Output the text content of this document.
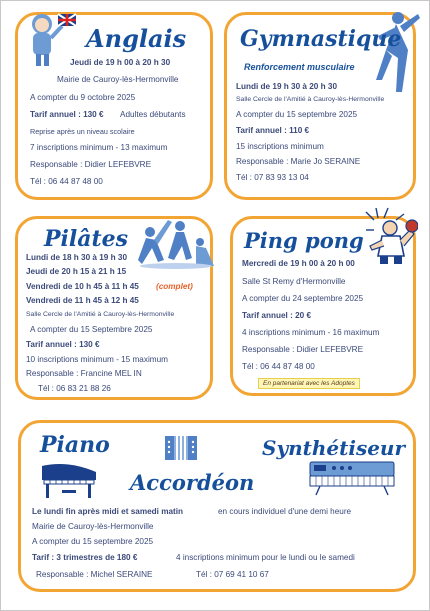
Anglais
Jeudi de 19 h 00 à 20 h 30
Mairie de Cauroy-lès-Hermonville
A compter du 9 octobre 2025
Tarif annuel : 130 € Adultes débutants
Reprise après un niveau scolaire
7 inscriptions minimum - 13 maximum
Responsable : Didier LEFEBVRE
Tél : 06 44 87 48 00
Gymnastique
Renforcement musculaire
Lundi de 19 h 30 à 20 h 30
Salle Cercle de l'Amitié à Cauroy-lès-Hermonville
A compter du 15 septembre 2025
Tarif annuel : 110 €
15 inscriptions minimum
Responsable : Marie Jo SERAINE
Tél : 07 83 93 13 04
Pilâtes
Lundi de 18 h 30 à 19 h 30
Jeudi de 20 h 15 à 21 h 15
Vendredi de 10 h 45 à 11 h 45 (complet)
Vendredi de 11 h 45 à 12 h 45
Salle Cercle de l'Amitié à Cauroy-lès-Hermonville
A compter du 15 Septembre 2025
Tarif annuel : 130 €
10 inscriptions minimum - 15 maximum
Responsable : Francine MEL IN
Tél : 06 83 21 88 26
Ping pong
Mercredi de 19 h 00 à 20 h 00
Salle St Remy d'Hermonville
A compter du 24 septembre 2025
Tarif annuel : 20 €
4 inscriptions minimum - 16 maximum
Responsable : Didier LEFEBVRE
Tél : 06 44 87 48 00
En partenariat avec les Adoptes
Piano	Synthétiseur
Accordéon
Le lundi fin après midi et samedi matin	en cours individuel d'une demi heure
Mairie de Cauroy-lès-Hermonville
A compter du 15 septembre 2025
Tarif : 3 trimestres de 180 €	4 inscriptions minimum pour le lundi ou le samedi
Responsable : Michel SERAINE	Tél : 07 69 41 10 67
